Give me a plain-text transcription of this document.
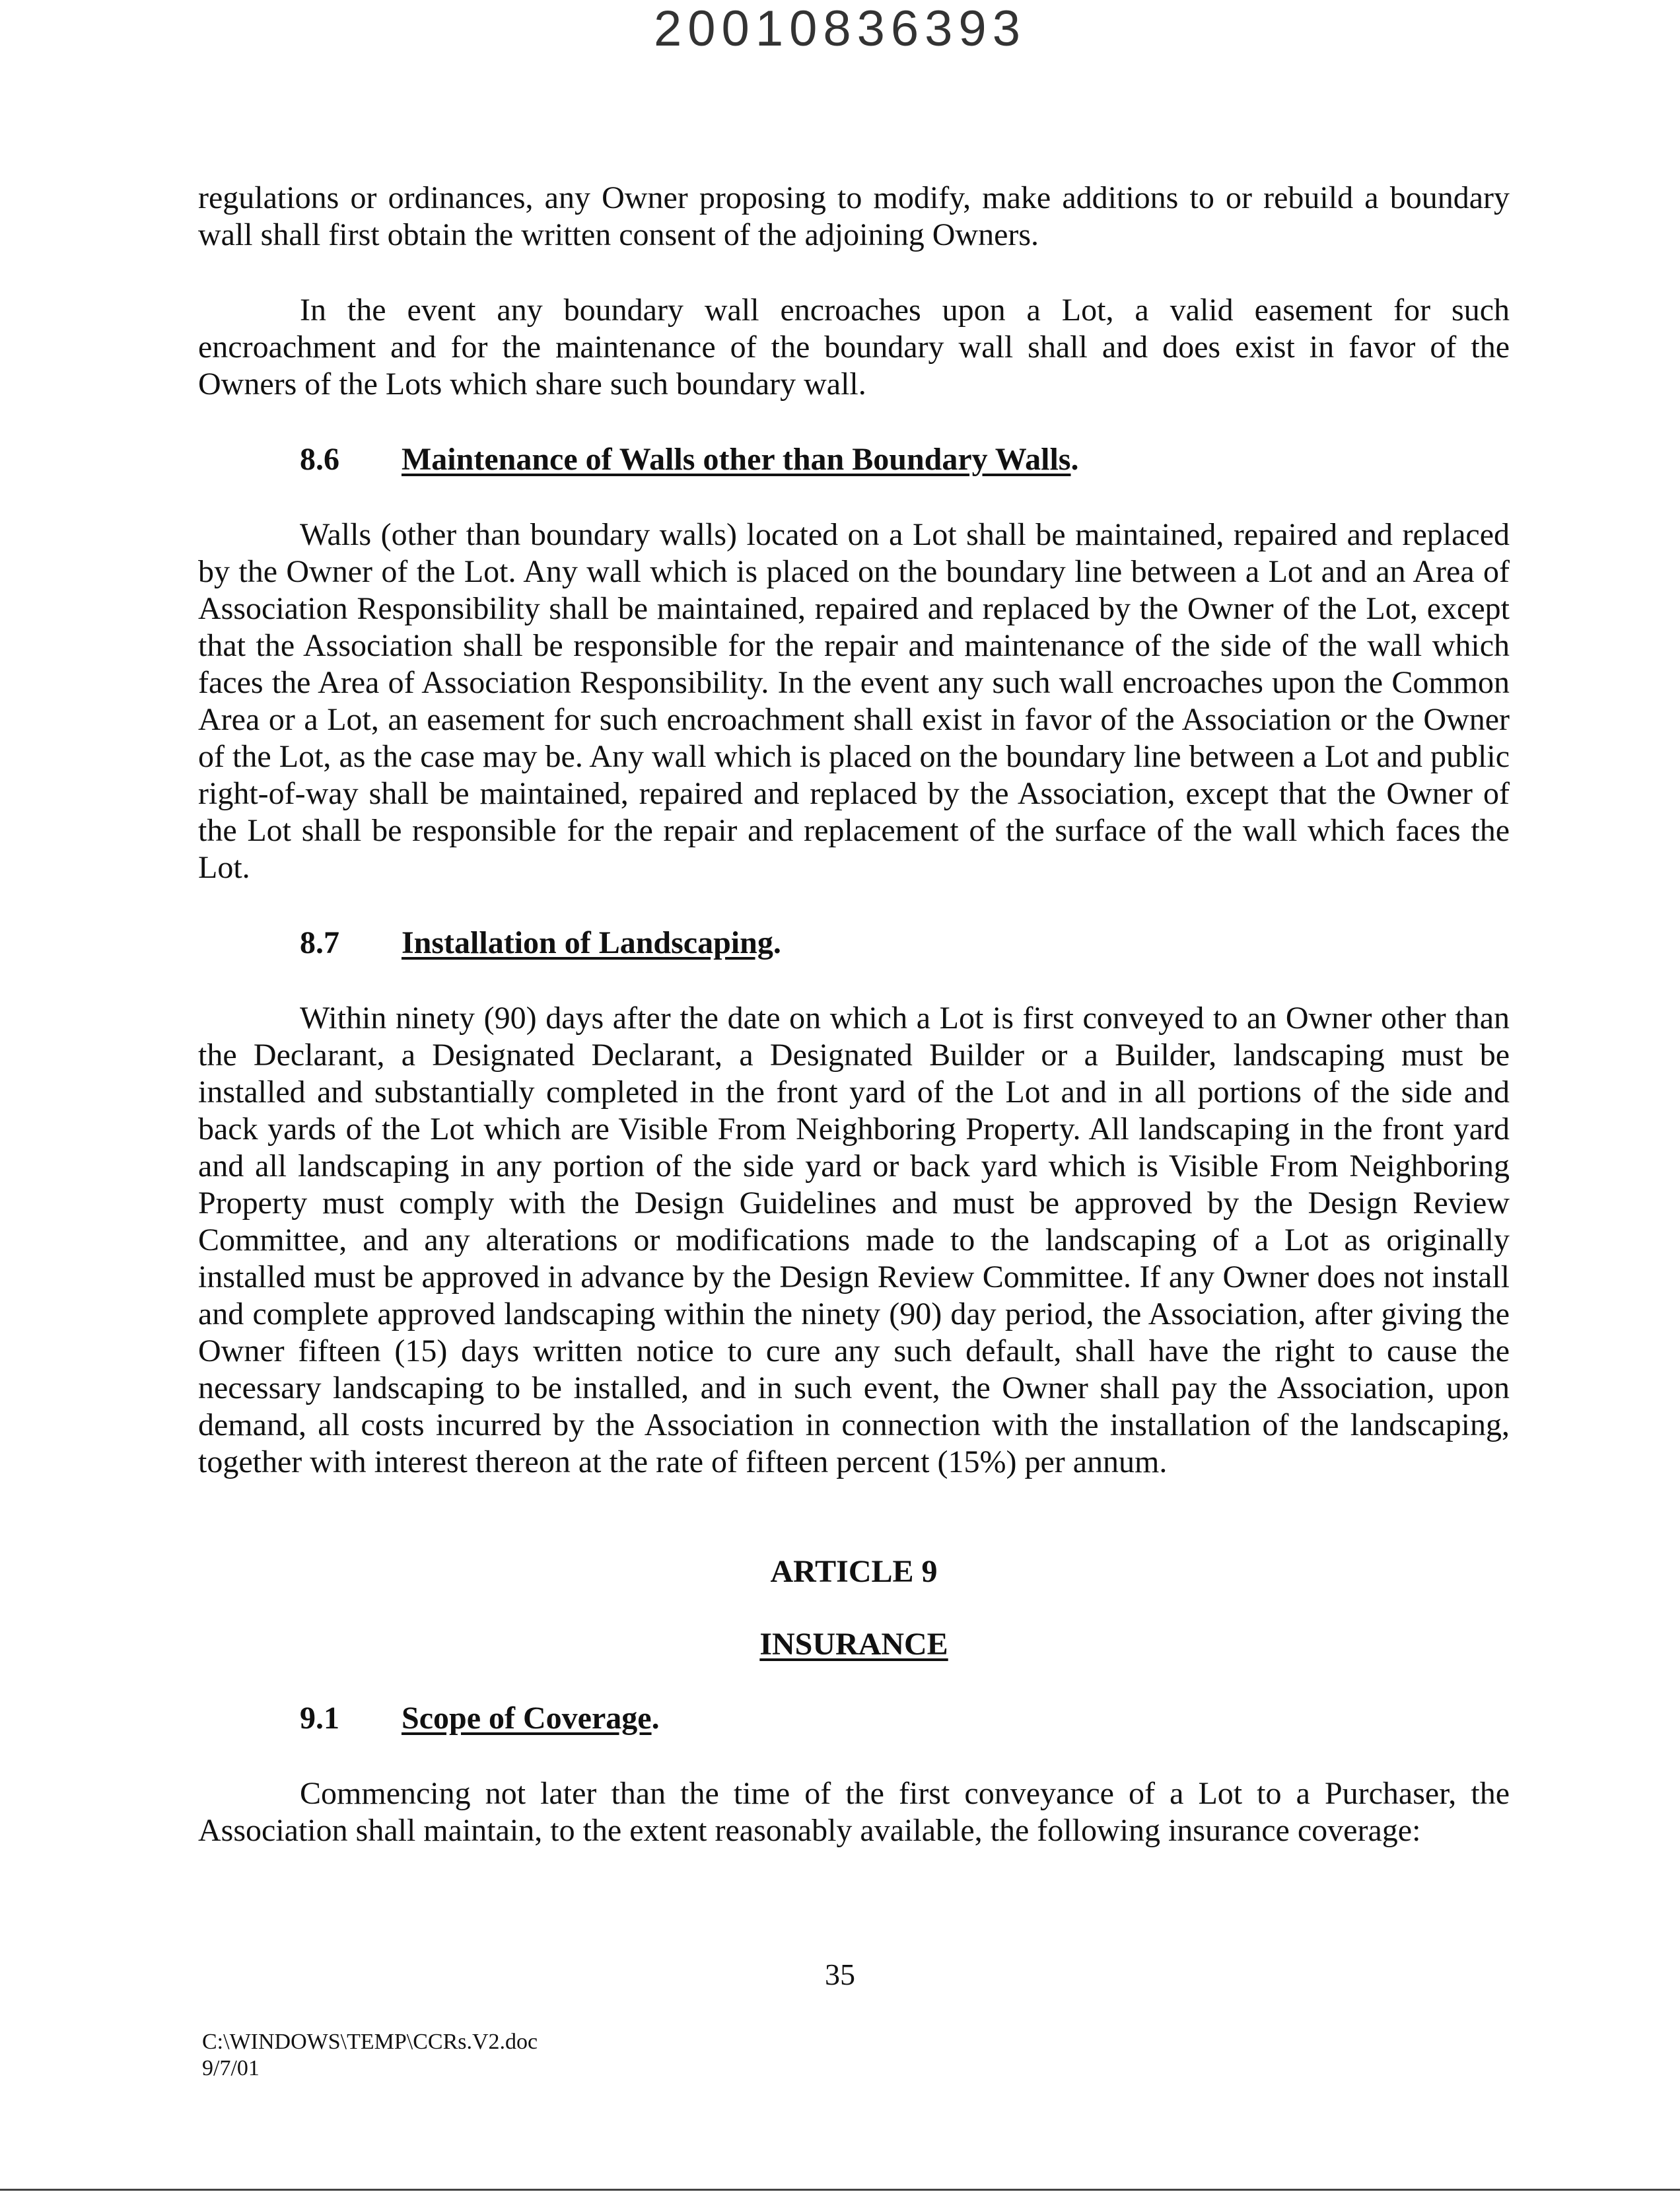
20010836393

regulations or ordinances, any Owner proposing to modify, make additions to or rebuild a boundary wall shall first obtain the written consent of the adjoining Owners.

In the event any boundary wall encroaches upon a Lot, a valid easement for such encroachment and for the maintenance of the boundary wall shall and does exist in favor of the Owners of the Lots which share such boundary wall.

8.6	Maintenance of Walls other than Boundary Walls.

Walls (other than boundary walls) located on a Lot shall be maintained, repaired and replaced by the Owner of the Lot. Any wall which is placed on the boundary line between a Lot and an Area of Association Responsibility shall be maintained, repaired and replaced by the Owner of the Lot, except that the Association shall be responsible for the repair and maintenance of the side of the wall which faces the Area of Association Responsibility. In the event any such wall encroaches upon the Common Area or a Lot, an easement for such encroachment shall exist in favor of the Association or the Owner of the Lot, as the case may be. Any wall which is placed on the boundary line between a Lot and public right-of-way shall be maintained, repaired and replaced by the Association, except that the Owner of the Lot shall be responsible for the repair and replacement of the surface of the wall which faces the Lot.

8.7	Installation of Landscaping.

Within ninety (90) days after the date on which a Lot is first conveyed to an Owner other than the Declarant, a Designated Declarant, a Designated Builder or a Builder, landscaping must be installed and substantially completed in the front yard of the Lot and in all portions of the side and back yards of the Lot which are Visible From Neighboring Property. All landscaping in the front yard and all landscaping in any portion of the side yard or back yard which is Visible From Neighboring Property must comply with the Design Guidelines and must be approved by the Design Review Committee, and any alterations or modifications made to the landscaping of a Lot as originally installed must be approved in advance by the Design Review Committee. If any Owner does not install and complete approved landscaping within the ninety (90) day period, the Association, after giving the Owner fifteen (15) days written notice to cure any such default, shall have the right to cause the necessary landscaping to be installed, and in such event, the Owner shall pay the Association, upon demand, all costs incurred by the Association in connection with the installation of the landscaping, together with interest thereon at the rate of fifteen percent (15%) per annum.

ARTICLE 9

INSURANCE

9.1	Scope of Coverage.

Commencing not later than the time of the first conveyance of a Lot to a Purchaser, the Association shall maintain, to the extent reasonably available, the following insurance coverage:

35
C:\WINDOWS\TEMP\CCRs.V2.doc
9/7/01
